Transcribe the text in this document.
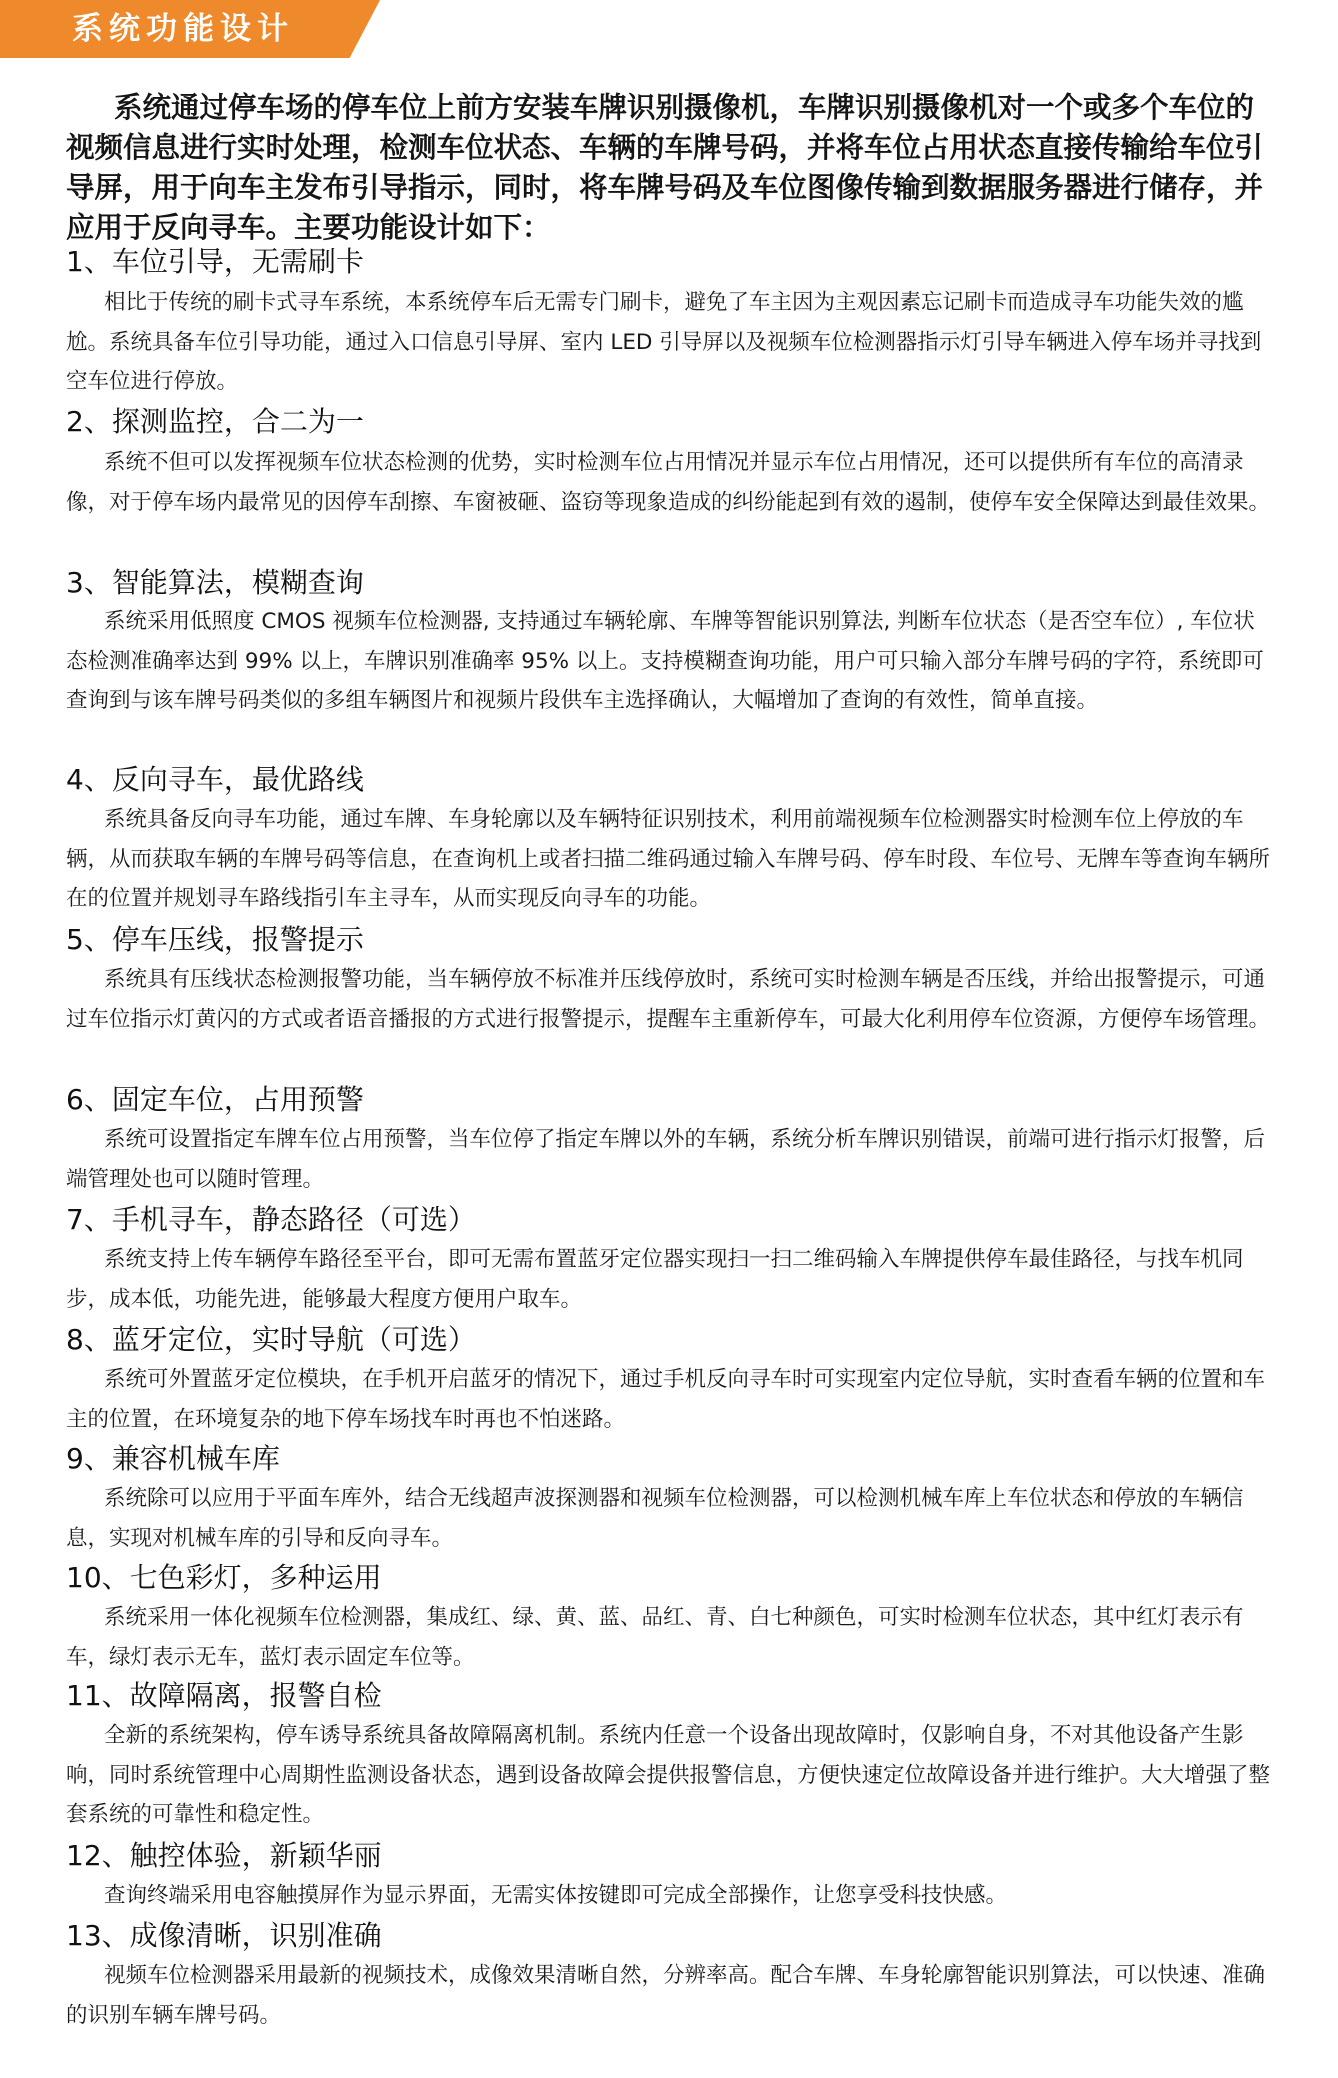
系统功能设计

系统通过停车场的停车位上前方安装车牌识别摄像机，车牌识别摄像机对一个或多个车位的视频信息进行实时处理，检测车位状态、车辆的车牌号码，并将车位占用状态直接传输给车位引导屏，用于向车主发布引导指示，同时，将车牌号码及车位图像传输到数据服务器进行储存，并应用于反向寻车。主要功能设计如下：

1、车位引导，无需刷卡

相比于传统的刷卡式寻车系统，本系统停车后无需专门刷卡，避免了车主因为主观因素忘记刷卡而造成寻车功能失效的尴尬。系统具备车位引导功能，通过入口信息引导屏、室内 LED 引导屏以及视频车位检测器指示灯引导车辆进入停车场并寻找到空车位进行停放。

2、探测监控，合二为一

系统不但可以发挥视频车位状态检测的优势，实时检测车位占用情况并显示车位占用情况，还可以提供所有车位的高清录像，对于停车场内最常见的因停车刮擦、车窗被砸、盗窃等现象造成的纠纷能起到有效的遏制，使停车安全保障达到最佳效果。

3、智能算法，模糊查询

系统采用低照度 CMOS 视频车位检测器, 支持通过车辆轮廓、车牌等智能识别算法, 判断车位状态（是否空车位）, 车位状态检测准确率达到 99% 以上，车牌识别准确率 95% 以上。支持模糊查询功能，用户可只输入部分车牌号码的字符，系统即可查询到与该车牌号码类似的多组车辆图片和视频片段供车主选择确认，大幅增加了查询的有效性，简单直接。

4、反向寻车，最优路线

系统具备反向寻车功能，通过车牌、车身轮廓以及车辆特征识别技术，利用前端视频车位检测器实时检测车位上停放的车辆，从而获取车辆的车牌号码等信息，在查询机上或者扫描二维码通过输入车牌号码、停车时段、车位号、无牌车等查询车辆所在的位置并规划寻车路线指引车主寻车，从而实现反向寻车的功能。

5、停车压线，报警提示

系统具有压线状态检测报警功能，当车辆停放不标准并压线停放时，系统可实时检测车辆是否压线，并给出报警提示，可通过车位指示灯黄闪的方式或者语音播报的方式进行报警提示，提醒车主重新停车，可最大化利用停车位资源，方便停车场管理。

6、固定车位，占用预警

系统可设置指定车牌车位占用预警，当车位停了指定车牌以外的车辆，系统分析车牌识别错误，前端可进行指示灯报警，后端管理处也可以随时管理。

7、手机寻车，静态路径（可选）

系统支持上传车辆停车路径至平台，即可无需布置蓝牙定位器实现扫一扫二维码输入车牌提供停车最佳路径，与找车机同步，成本低，功能先进，能够最大程度方便用户取车。

8、蓝牙定位，实时导航（可选）

系统可外置蓝牙定位模块，在手机开启蓝牙的情况下，通过手机反向寻车时可实现室内定位导航，实时查看车辆的位置和车主的位置，在环境复杂的地下停车场找车时再也不怕迷路。

9、兼容机械车库

系统除可以应用于平面车库外，结合无线超声波探测器和视频车位检测器，可以检测机械车库上车位状态和停放的车辆信息，实现对机械车库的引导和反向寻车。

10、七色彩灯，多种运用

系统采用一体化视频车位检测器，集成红、绿、黄、蓝、品红、青、白七种颜色，可实时检测车位状态，其中红灯表示有车，绿灯表示无车，蓝灯表示固定车位等。

11、故障隔离，报警自检

全新的系统架构，停车诱导系统具备故障隔离机制。系统内任意一个设备出现故障时，仅影响自身，不对其他设备产生影响，同时系统管理中心周期性监测设备状态，遇到设备故障会提供报警信息，方便快速定位故障设备并进行维护。大大增强了整套系统的可靠性和稳定性。

12、触控体验，新颖华丽

查询终端采用电容触摸屏作为显示界面，无需实体按键即可完成全部操作，让您享受科技快感。

13、成像清晰，识别准确

视频车位检测器采用最新的视频技术，成像效果清晰自然，分辨率高。配合车牌、车身轮廓智能识别算法，可以快速、准确的识别车辆车牌号码。
